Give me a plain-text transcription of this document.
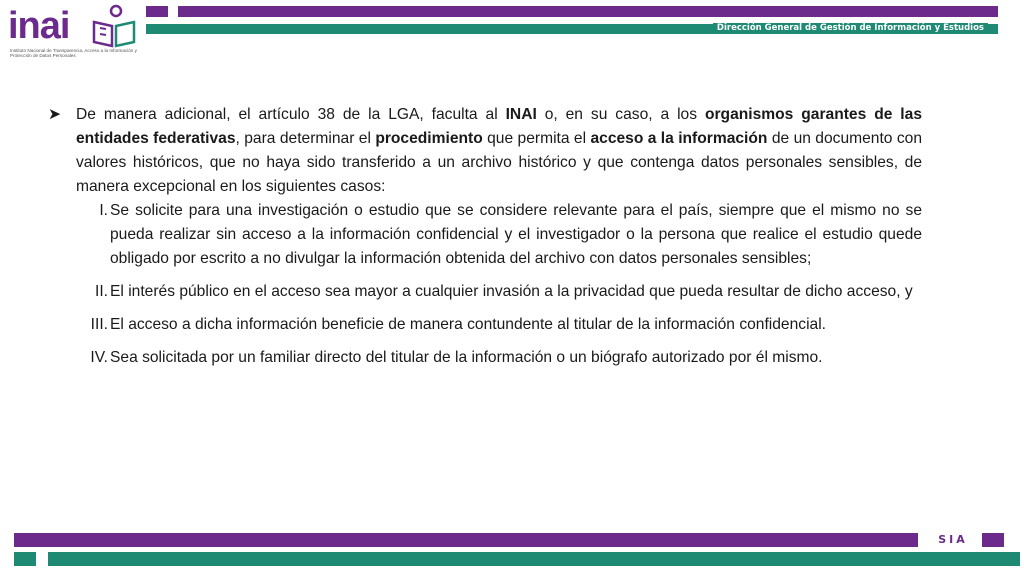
inai
Instituto Nacional de Transparencia, Acceso a la Información y Protección de Datos Personales
Dirección General de Gestión de Información y Estudios

➤ De manera adicional, el artículo 38 de la LGA, faculta al INAI o, en su caso, a los organismos garantes de las entidades federativas, para determinar el procedimiento que permita el acceso a la información de un documento con valores históricos, que no haya sido transferido a un archivo histórico y que contenga datos personales sensibles, de manera excepcional en los siguientes casos:

I. Se solicite para una investigación o estudio que se considere relevante para el país, siempre que el mismo no se pueda realizar sin acceso a la información confidencial y el investigador o la persona que realice el estudio quede obligado por escrito a no divulgar la información obtenida del archivo con datos personales sensibles;

II. El interés público en el acceso sea mayor a cualquier invasión a la privacidad que pueda resultar de dicho acceso, y

III. El acceso a dicha información beneficie de manera contundente al titular de la información confidencial.

IV. Sea solicitada por un familiar directo del titular de la información o un biógrafo autorizado por él mismo.

SIA
